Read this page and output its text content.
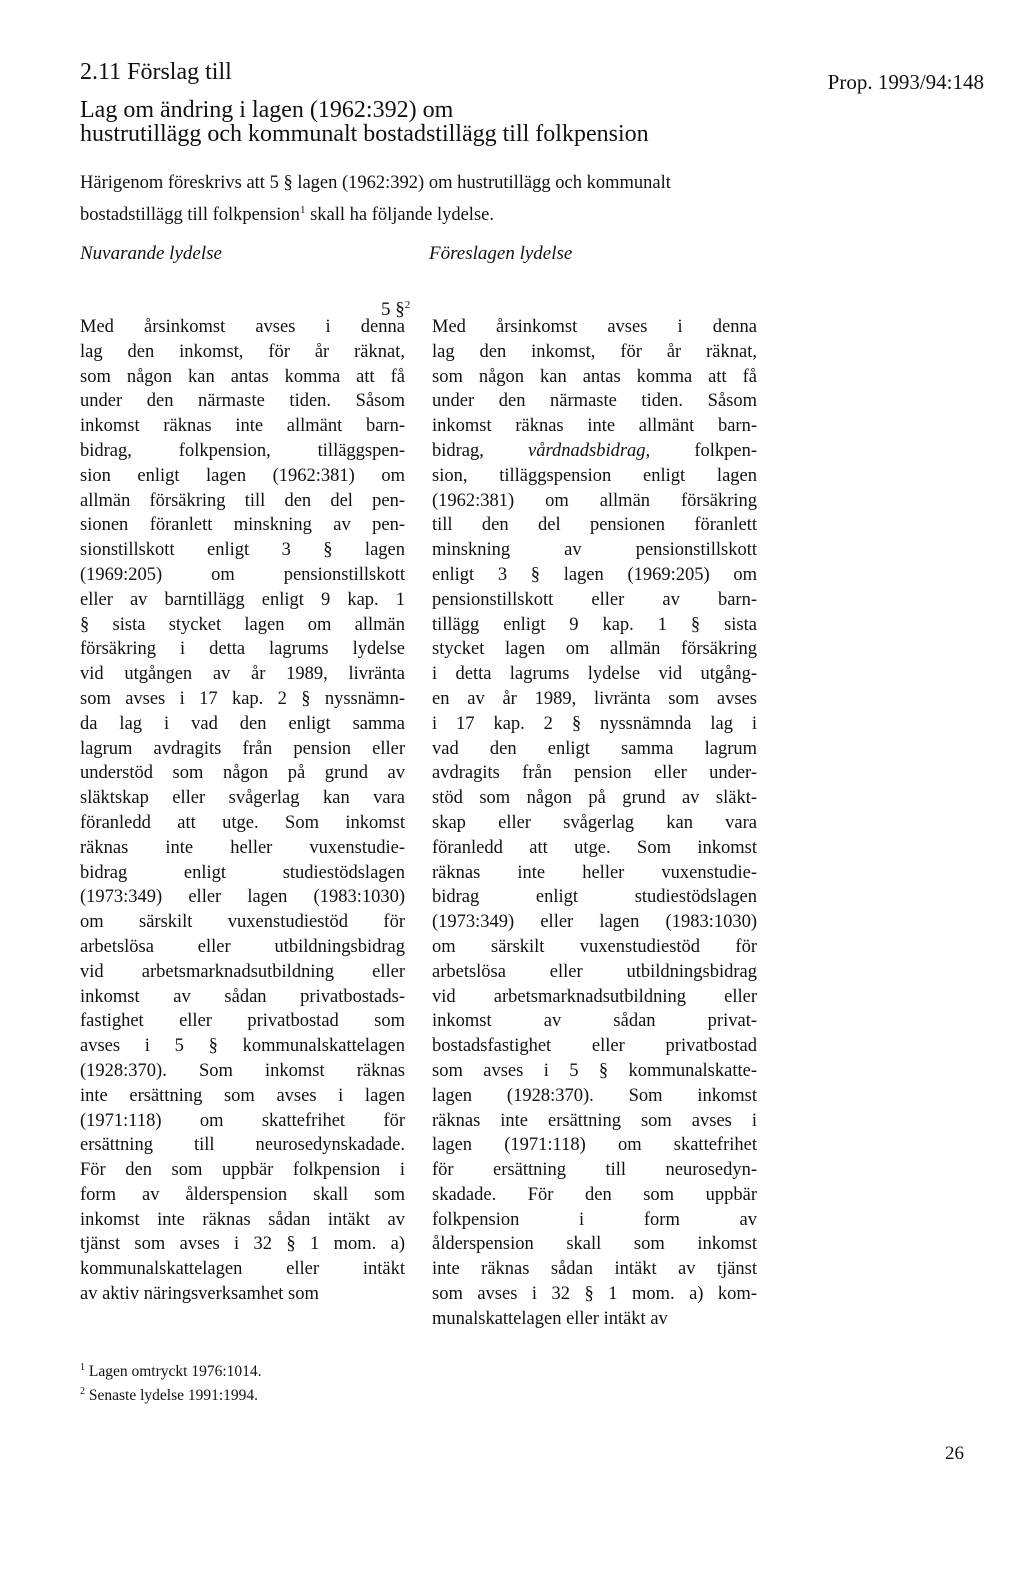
2.11 Förslag till
Lag om ändring i lagen (1962:392) om
hustrutillägg och kommunalt bostadstillägg till folkpension
Prop. 1993/94:148
Härigenom föreskrivs att 5 § lagen (1962:392) om hustrutillägg och kommunalt bostadstillägg till folkpension$^1$ skall ha följande lydelse.
Nuvarande lydelse	Föreslagen lydelse
5 §$^2$
Med årsinkomst avses i denna
lag den inkomst, för år räknat,
som någon kan antas komma att få
under den närmaste tiden. Såsom
inkomst räknas inte allmänt barn-
bidrag, folkpension, tilläggspen-
sion enligt lagen (1962:381) om
allmän försäkring till den del pen-
sionen föranlett minskning av pen-
sionstillskott enligt 3 § lagen
(1969:205) om pensionstillskott
eller av barntillägg enligt 9 kap. 1
§ sista stycket lagen om allmän
försäkring i detta lagrums lydelse
vid utgången av år 1989, livränta
som avses i 17 kap. 2 § nyssnämn-
da lag i vad den enligt samma
lagrum avdragits från pension eller
understöd som någon på grund av
släktskap eller svågerlag kan vara
föranledd att utge. Som inkomst
räknas inte heller vuxenstudie-
bidrag enligt studiestödslagen
(1973:349) eller lagen (1983:1030)
om särskilt vuxenstudiestöd för
arbetslösa eller utbildningsbidrag
vid arbetsmarknadsutbildning eller
inkomst av sådan privatbostads-
fastighet eller privatbostad som
avses i 5 § kommunalskattelagen
(1928:370). Som inkomst räknas
inte ersättning som avses i lagen
(1971:118) om skattefrihet för
ersättning till neurosedynskadade.
För den som uppbär folkpension i
form av ålderspension skall som
inkomst inte räknas sådan intäkt av
tjänst som avses i 32 § 1 mom. a)
kommunalskattelagen eller intäkt
av aktiv näringsverksamhet som
Med årsinkomst avses i denna
lag den inkomst, för år räknat,
som någon kan antas komma att få
under den närmaste tiden. Såsom
inkomst räknas inte allmänt barn-
bidrag, vårdnadsbidrag, folkpen-
sion, tilläggspension enligt lagen
(1962:381) om allmän försäkring
till den del pensionen föranlett
minskning av pensionstillskott
enligt 3 § lagen (1969:205) om
pensionstillskott eller av barn-
tillägg enligt 9 kap. 1 § sista
stycket lagen om allmän försäkring
i detta lagrums lydelse vid utgång-
en av år 1989, livränta som avses
i 17 kap. 2 § nyssnämnda lag i
vad den enligt samma lagrum
avdragits från pension eller under-
stöd som någon på grund av släkt-
skap eller svågerlag kan vara
föranledd att utge. Som inkomst
räknas inte heller vuxenstudie-
bidrag enligt studiestödslagen
(1973:349) eller lagen (1983:1030)
om särskilt vuxenstudiestöd för
arbetslösa eller utbildningsbidrag
vid arbetsmarknadsutbildning eller
inkomst av sådan privat-
bostadsfastighet eller privatbostad
som avses i 5 § kommunalskatte-
lagen (1928:370). Som inkomst
räknas inte ersättning som avses i
lagen (1971:118) om skattefrihet
för ersättning till neurosedyn-
skadade. För den som uppbär
folkpension i form av
ålderspension skall som inkomst
inte räknas sådan intäkt av tjänst
som avses i 32 § 1 mom. a) kom-
munalskattelagen eller intäkt av
$^1$ Lagen omtryckt 1976:1014.
$^2$ Senaste lydelse 1991:1994.
26
